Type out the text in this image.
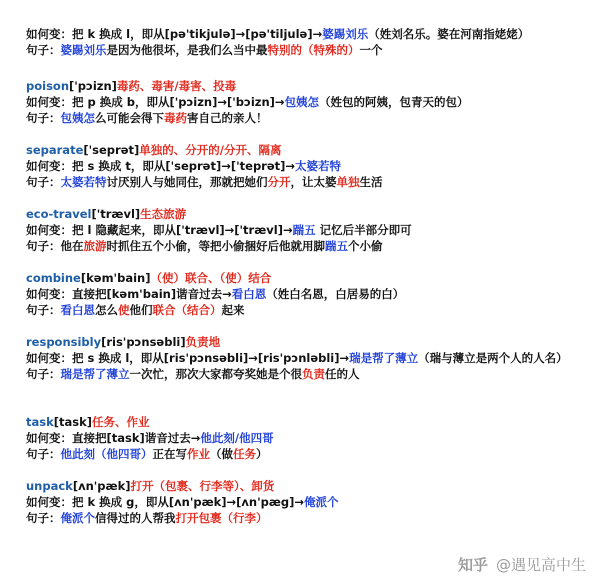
如何变：把 k 换成 l，即从[pə'tikjulə]→[pə'tiljulə]→婆踢刘乐（姓刘名乐。婆在河南指姥姥）
句子：婆踢刘乐是因为他很坏，是我们么当中最特别的（特殊的）一个
poison['pɔizn]毒药、毒害/毒害、投毒
如何变：把 p 换成 b，即从['pɔizn]→['bɔizn]→包姨怎（姓包的阿姨，包青天的包）
句子：包姨怎么可能会得下毒药害自己的亲人！
separate['seprət]单独的、分开的/分开、隔离
如何变：把 s 换成 t，即从['seprət]→['teprət]→太婆若特
句子：太婆若特讨厌别人与她同住，那就把她们分开，让太婆单独生活
eco-travel['trævl]生态旅游
如何变：把 l 隐藏起来，即从['trævl]→['trævl]→踹五 记忆后半部分即可
句子：他在旅游时抓住五个小偷，等把小偷捆好后他就用脚踹五个小偷
combine[kəm'bain]（使）联合、（使）结合
如何变：直接把[kəm'bain]谐音过去→看白恩（姓白名恩，白居易的白）
句子：看白恩怎么使他们联合（结合）起来
responsibly[ris'pɔnsəbli]负责地
如何变：把 s 换成 l，即从[ris'pɔnsəbli]→[ris'pɔnləbli]→瑞是帮了薄立（瑞与薄立是两个人的人名）
句子：瑞是帮了薄立一次忙，那次大家都夸奖她是个很负责任的人
task[task]任务、作业
如何变：直接把[task]谐音过去→他此刻/他四哥
句子：他此刻（他四哥）正在写作业（做任务）
unpack[ʌn'pæk]打开（包裹、行李等）、卸货
如何变：把 k 换成 g，即从[ʌn'pæk]→[ʌn'pæg]→俺派个
句子：俺派个信得过的人帮我打开包裹（行李）
知乎 @遇见高中生
